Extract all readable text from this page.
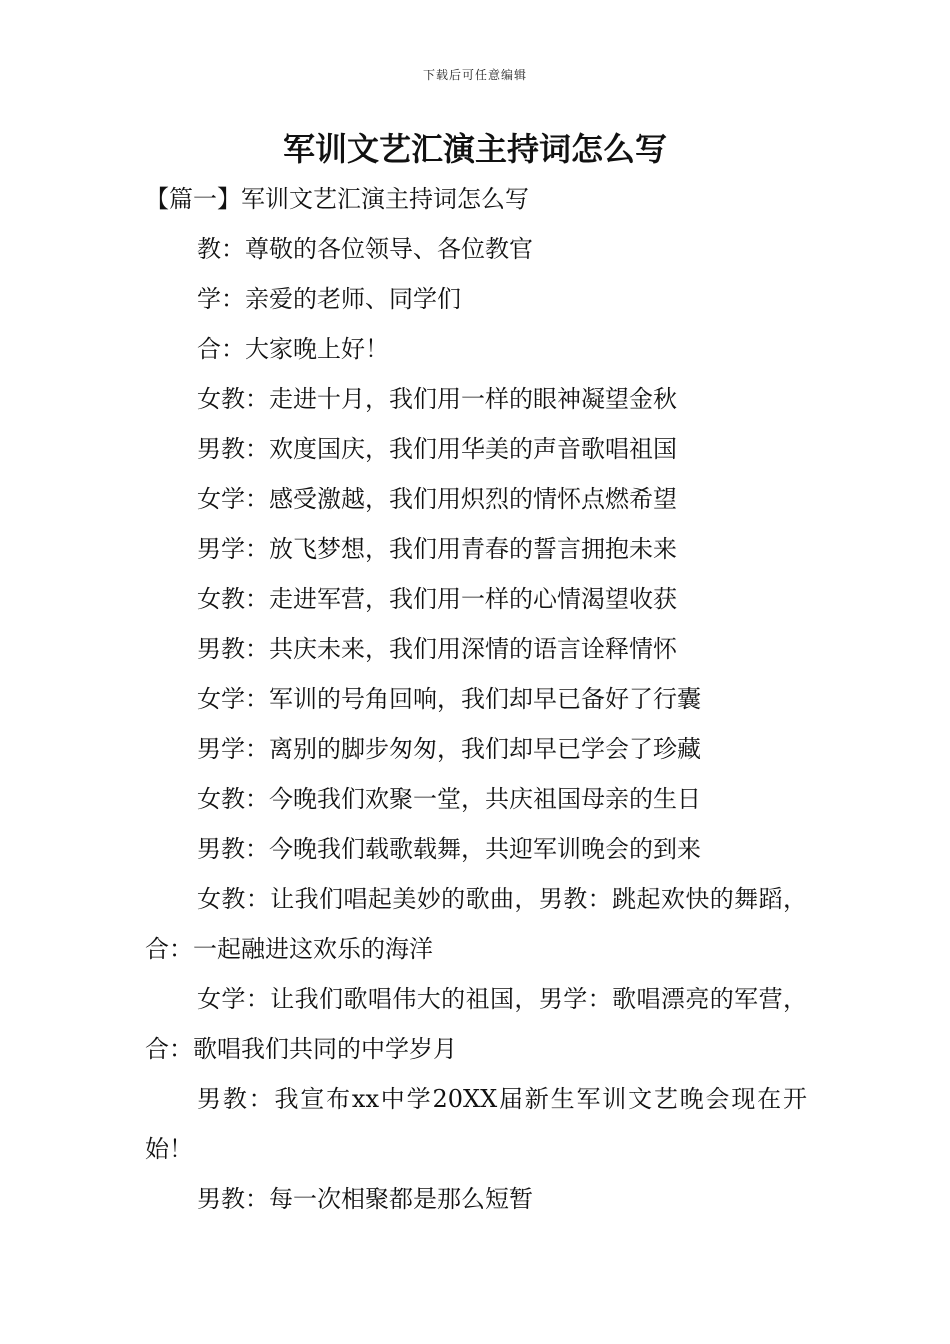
下载后可任意编辑
军训文艺汇演主持词怎么写

【篇一】军训文艺汇演主持词怎么写

教：尊敬的各位领导、各位教官

学：亲爱的老师、同学们

合：大家晚上好！

女教：走进十月，我们用一样的眼神凝望金秋

男教：欢度国庆，我们用华美的声音歌唱祖国

女学：感受激越，我们用炽烈的情怀点燃希望

男学：放飞梦想，我们用青春的誓言拥抱未来

女教：走进军营，我们用一样的心情渴望收获

男教：共庆未来，我们用深情的语言诠释情怀

女学：军训的号角回响，我们却早已备好了行囊

男学：离别的脚步匆匆，我们却早已学会了珍藏

女教：今晚我们欢聚一堂，共庆祖国母亲的生日

男教：今晚我们载歌载舞，共迎军训晚会的到来

女教：让我们唱起美妙的歌曲，男教：跳起欢快的舞蹈，合：一起融进这欢乐的海洋

女学：让我们歌唱伟大的祖国，男学：歌唱漂亮的军营，合：歌唱我们共同的中学岁月

男教：我宣布xx中学20XX届新生军训文艺晚会现在开始！

男教：每一次相聚都是那么短暂
